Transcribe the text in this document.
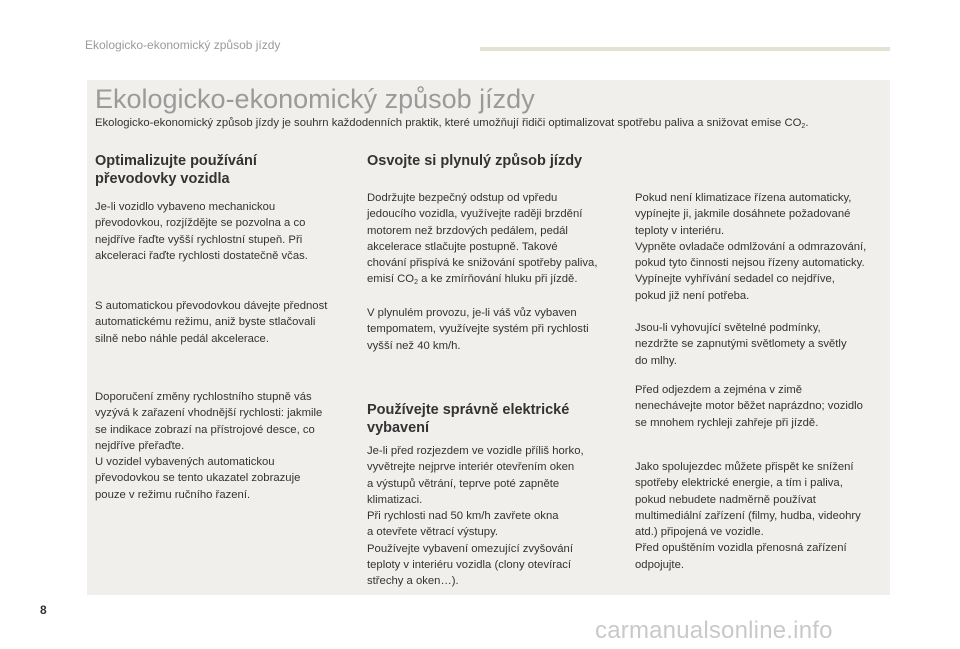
Ekologicko-ekonomický způsob jízdy
Ekologicko-ekonomický způsob jízdy
Ekologicko-ekonomický způsob jízdy je souhrn každodenních praktik, které umožňují řidiči optimalizovat spotřebu paliva a snižovat emise $CO_2$.
Optimalizujte používání
převodovky vozidla
Je-li vozidlo vybaveno mechanickou
převodovkou, rozjíždějte se pozvolna a co
nejdříve řaďte vyšší rychlostní stupeň. Při
akceleraci řaďte rychlosti dostatečně včas.
S automatickou převodovkou dávejte přednost
automatickému režimu, aniž byste stlačovali
silně nebo náhle pedál akcelerace.
Doporučení změny rychlostního stupně vás
vyzývá k zařazení vhodnější rychlosti: jakmile
se indikace zobrazí na přístrojové desce, co
nejdříve přeřaďte.
U vozidel vybavených automatickou
převodovkou se tento ukazatel zobrazuje
pouze v režimu ručního řazení.
Osvojte si plynulý způsob jízdy
Dodržujte bezpečný odstup od vpředu
jedoucího vozidla, využívejte raději brzdění
motorem než brzdových pedálem, pedál
akcelerace stlačujte postupně. Takové
chování přispívá ke snižování spotřeby paliva,
emisí $CO_2$ a ke zmírňování hluku při jízdě.
V plynulém provozu, je-li váš vůz vybaven
tempomatem, využívejte systém při rychlosti
vyšší než 40 km/h.
Používejte správně elektrické
vybavení
Je-li před rozjezdem ve vozidle příliš horko,
vyvětrejte nejprve interiér otevřením oken
a výstupů větrání, teprve poté zapněte
klimatizaci.
Při rychlosti nad 50 km/h zavřete okna
a otevřete větrací výstupy.
Používejte vybavení omezující zvyšování
teploty v interiéru vozidla (clony otevírací
střechy a oken…).
Pokud není klimatizace řízena automaticky,
vypínejte ji, jakmile dosáhnete požadované
teploty v interiéru.
Vypněte ovladače odmlžování a odmrazování,
pokud tyto činnosti nejsou řízeny automaticky.
Vypínejte vyhřívání sedadel co nejdříve,
pokud již není potřeba.
Jsou-li vyhovující světelné podmínky,
nezdržte se zapnutými světlomety a světly
do mlhy.
Před odjezdem a zejména v zimě
nenechávejte motor běžet naprázdno; vozidlo
se mnohem rychleji zahřeje při jízdě.
Jako spolujezdec můžete přispět ke snížení
spotřeby elektrické energie, a tím i paliva,
pokud nebudete nadměrně používat
multimediální zařízení (filmy, hudba, videohry
atd.) připojená ve vozidle.
Před opuštěním vozidla přenosná zařízení
odpojujte.
8
carmanualsonline.info
